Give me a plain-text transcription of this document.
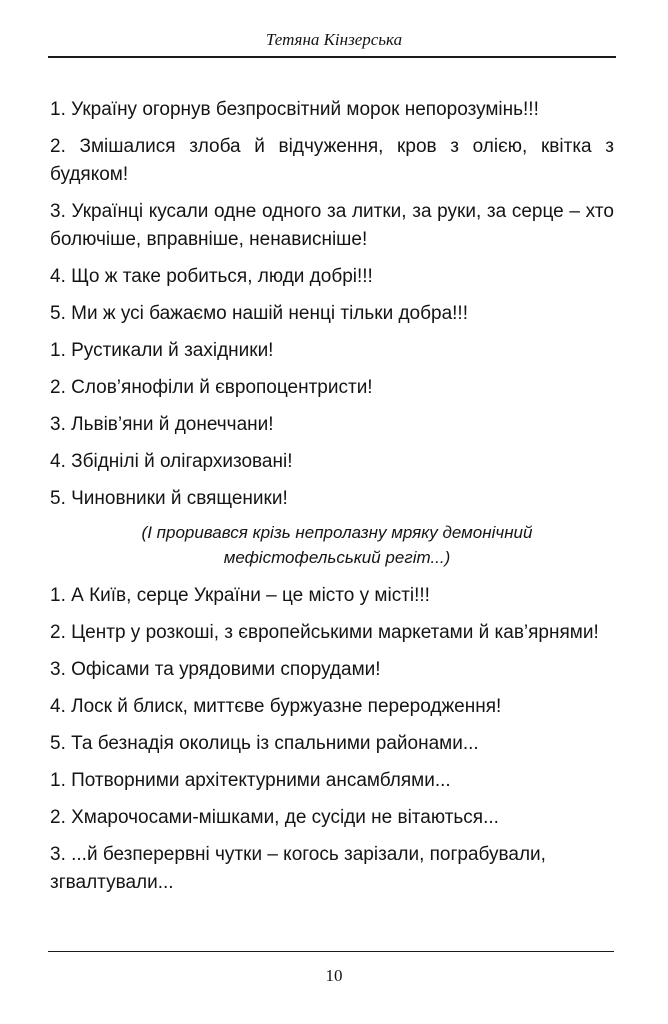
Тетяна Кінзерська

1. Україну огорнув безпросвітний морок непорозумінь!!!

2. Змішалися злоба й відчуження, кров з олією, квітка з будяком!

3. Українці кусали одне одного за литки, за руки, за серце – хто болючіше, вправніше, ненависніше!

4. Що ж таке робиться, люди добрі!!!

5. Ми ж усі бажаємо нашій ненці тільки добра!!!

1. Рустикали й західники!

2. Слов’янофіли й європоцентристи!

3. Львів’яни й донеччани!

4. Збіднілі й олігархизовані!

5. Чиновники й священики!

(І проривався крізь непролазну мряку демонічний мефістофельський регіт...)

1. А Київ, серце України – це місто у місті!!!

2. Центр у розкоші, з європейськими маркетами й кав’ярнями!

3. Офісами та урядовими спорудами!

4. Лоск й блиск, миттєве буржуазне переродження!

5. Та безнадія околиць із спальними районами...

1. Потворними архітектурними ансамблями...

2. Хмарочосами-мішками, де сусіди не вітаються...

3. ...й безперервні чутки – когось зарізали, пограбували, згвалтували...

10
